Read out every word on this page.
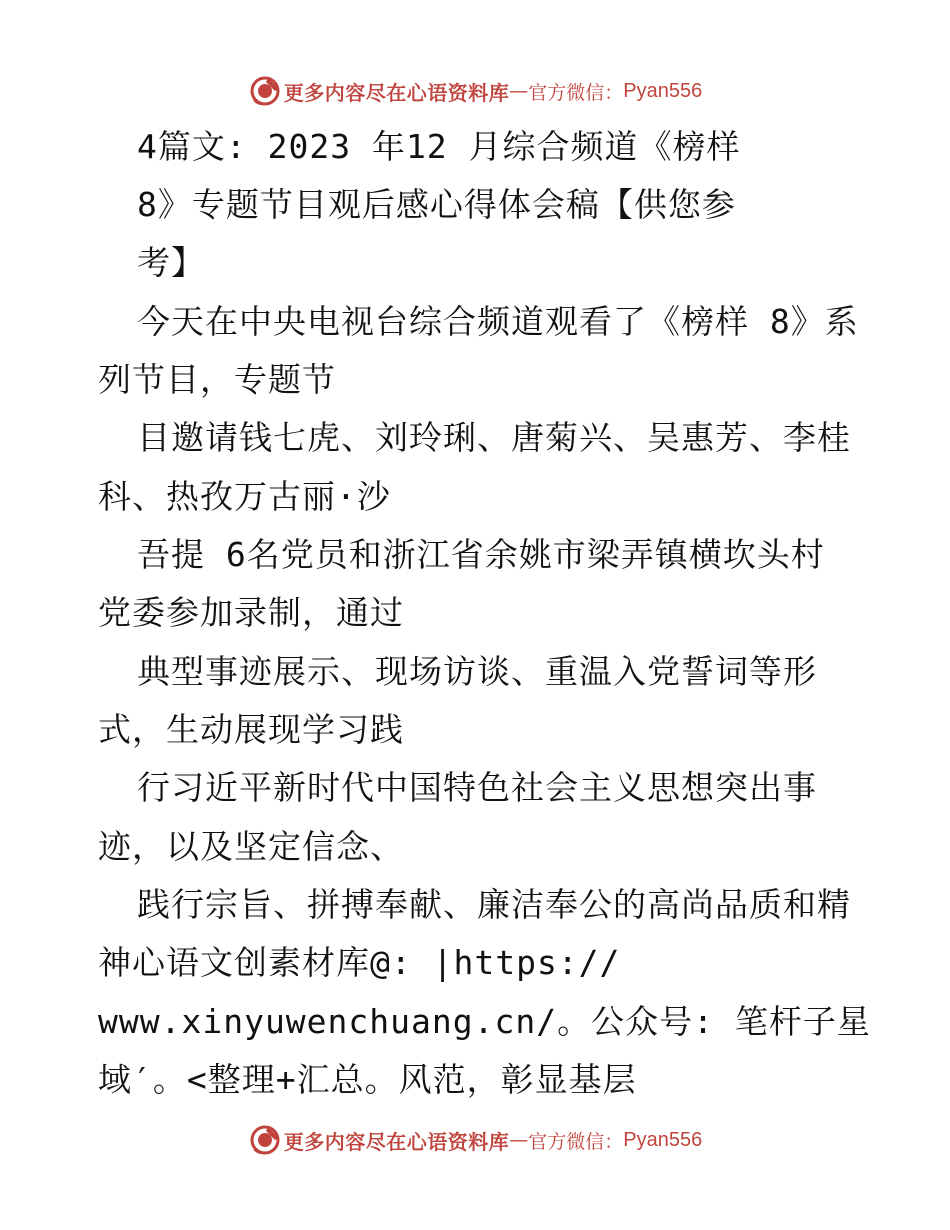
更多内容尽在心语资料库 — 官方微信： Pyan556
4篇文: 2023 年12 月综合频道《榜样
8》专题节目观后感心得体会稿【供您参
考】
今天在中央电视台综合频道观看了《榜样 8》系
列节目，专题节
目邀请钱七虎、刘玲琍、唐菊兴、吴惠芳、李桂
科、热孜万古丽·沙
吾提 6名党员和浙江省余姚市梁弄镇横坎头村
党委参加录制，通过
典型事迹展示、现场访谈、重温入党誓词等形
式，生动展现学习践
行习近平新时代中国特色社会主义思想突出事
迹，以及坚定信念、
践行宗旨、拼搏奉献、廉洁奉公的高尚品质和精
神心语文创素材库@: |https://
www.xinyuwenchuang.cn/。公众号: 笔杆子星
域′。<整理+汇总。风范，彰显基层
更多内容尽在心语资料库 — 官方微信： Pyan556
